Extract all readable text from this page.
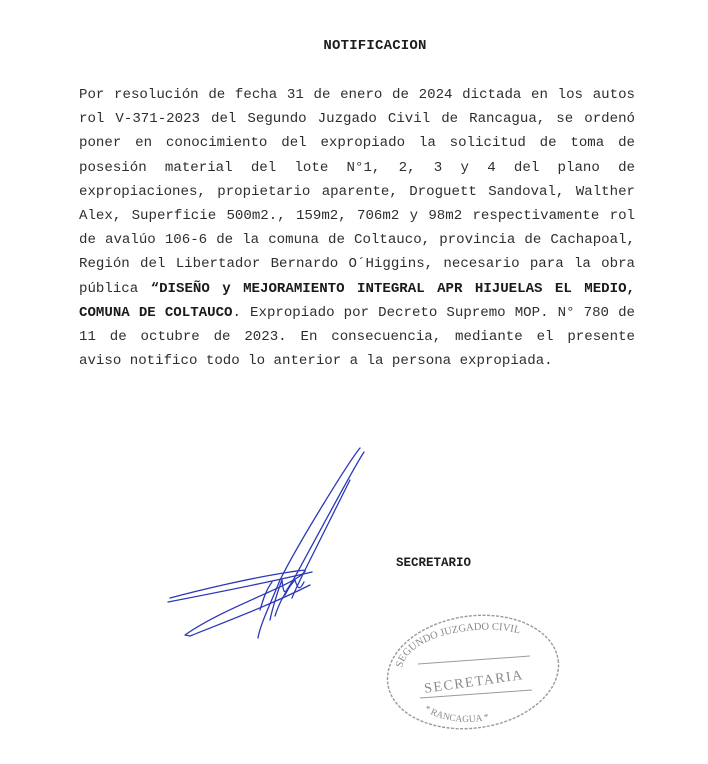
NOTIFICACION
Por resolución de fecha 31 de enero de 2024 dictada en los autos rol V-371-2023 del Segundo Juzgado Civil de Rancagua, se ordenó poner en conocimiento del expropiado la solicitud de toma de posesión material del lote N°1, 2, 3 y 4 del plano de expropiaciones, propietario aparente, Droguett Sandoval, Walther Alex, Superficie 500m2., 159m2, 706m2 y 98m2 respectivamente rol de avalúo 106-6 de la comuna de Coltauco, provincia de Cachapoal, Región del Libertador Bernardo O´Higgins, necesario para la obra pública “DISEÑO y MEJORAMIENTO INTEGRAL APR HIJUELAS EL MEDIO, COMUNA DE COLTAUCO. Expropiado por Decreto Supremo MOP. N° 780 de 11 de octubre de 2023. En consecuencia, mediante el presente aviso notifico todo lo anterior a la persona expropiada.
SECRETARIO
SEGUNDO JUZGADO CIVIL
SECRETARIA
* RANCAGUA *
